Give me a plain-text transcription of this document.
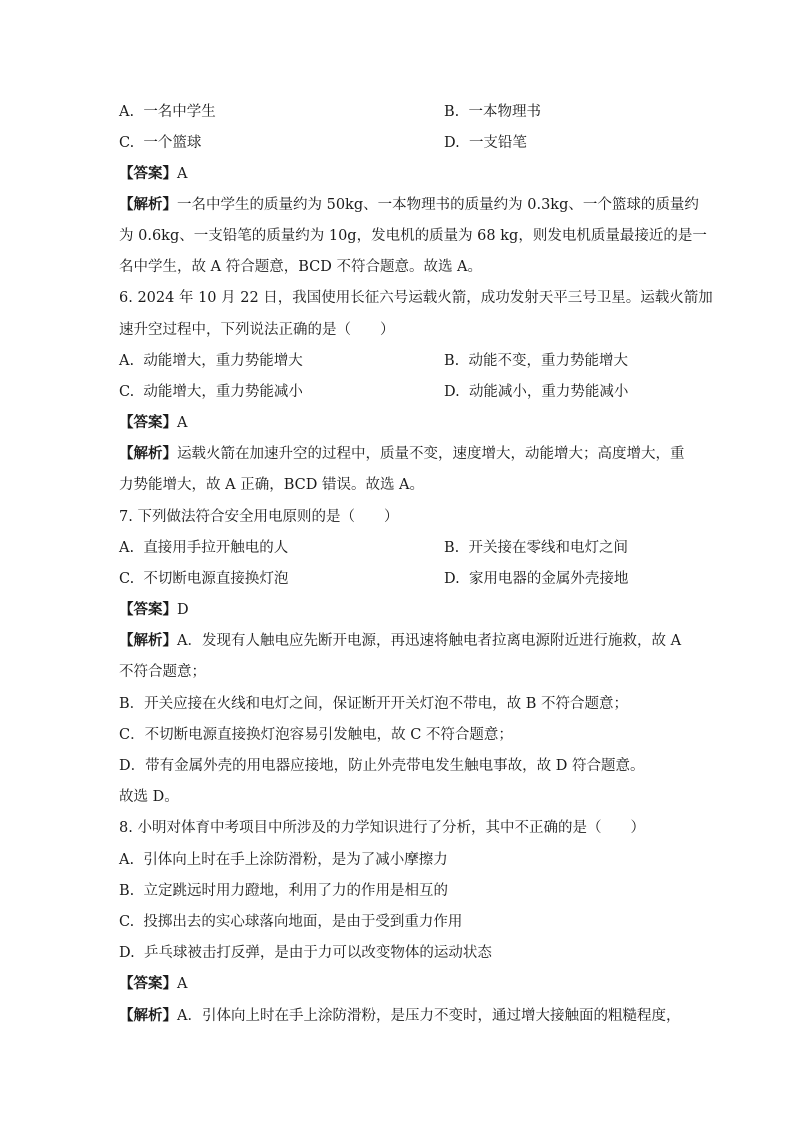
A. 一名中学生	B. 一本物理书
C. 一个篮球	D. 一支铅笔
【答案】A
【解析】一名中学生的质量约为 50kg、一本物理书的质量约为 0.3kg、一个篮球的质量约
为 0.6kg、一支铅笔的质量约为 10g，发电机的质量为 68 kg，则发电机质量最接近的是一
名中学生，故 A 符合题意，BCD 不符合题意。故选 A。
6. 2024 年 10 月 22 日，我国使用长征六号运载火箭，成功发射天平三号卫星。运载火箭加
速升空过程中，下列说法正确的是（　　）
A. 动能增大，重力势能增大	B. 动能不变，重力势能增大
C. 动能增大，重力势能减小	D. 动能减小，重力势能减小
【答案】A
【解析】运载火箭在加速升空的过程中，质量不变，速度增大，动能增大；高度增大，重
力势能增大，故 A 正确，BCD 错误。故选 A。
7. 下列做法符合安全用电原则的是（　　）
A. 直接用手拉开触电的人	B. 开关接在零线和电灯之间
C. 不切断电源直接换灯泡	D. 家用电器的金属外壳接地
【答案】D
【解析】A．发现有人触电应先断开电源，再迅速将触电者拉离电源附近进行施救，故 A
不符合题意；
B．开关应接在火线和电灯之间，保证断开开关灯泡不带电，故 B 不符合题意；
C．不切断电源直接换灯泡容易引发触电，故 C 不符合题意；
D．带有金属外壳的用电器应接地，防止外壳带电发生触电事故，故 D 符合题意。
故选 D。
8. 小明对体育中考项目中所涉及的力学知识进行了分析，其中不正确的是（　　）
A. 引体向上时在手上涂防滑粉，是为了减小摩擦力
B. 立定跳远时用力蹬地，利用了力的作用是相互的
C. 投掷出去的实心球落向地面，是由于受到重力作用
D. 乒乓球被击打反弹，是由于力可以改变物体的运动状态
【答案】A
【解析】A．引体向上时在手上涂防滑粉，是压力不变时，通过增大接触面的粗糙程度，
